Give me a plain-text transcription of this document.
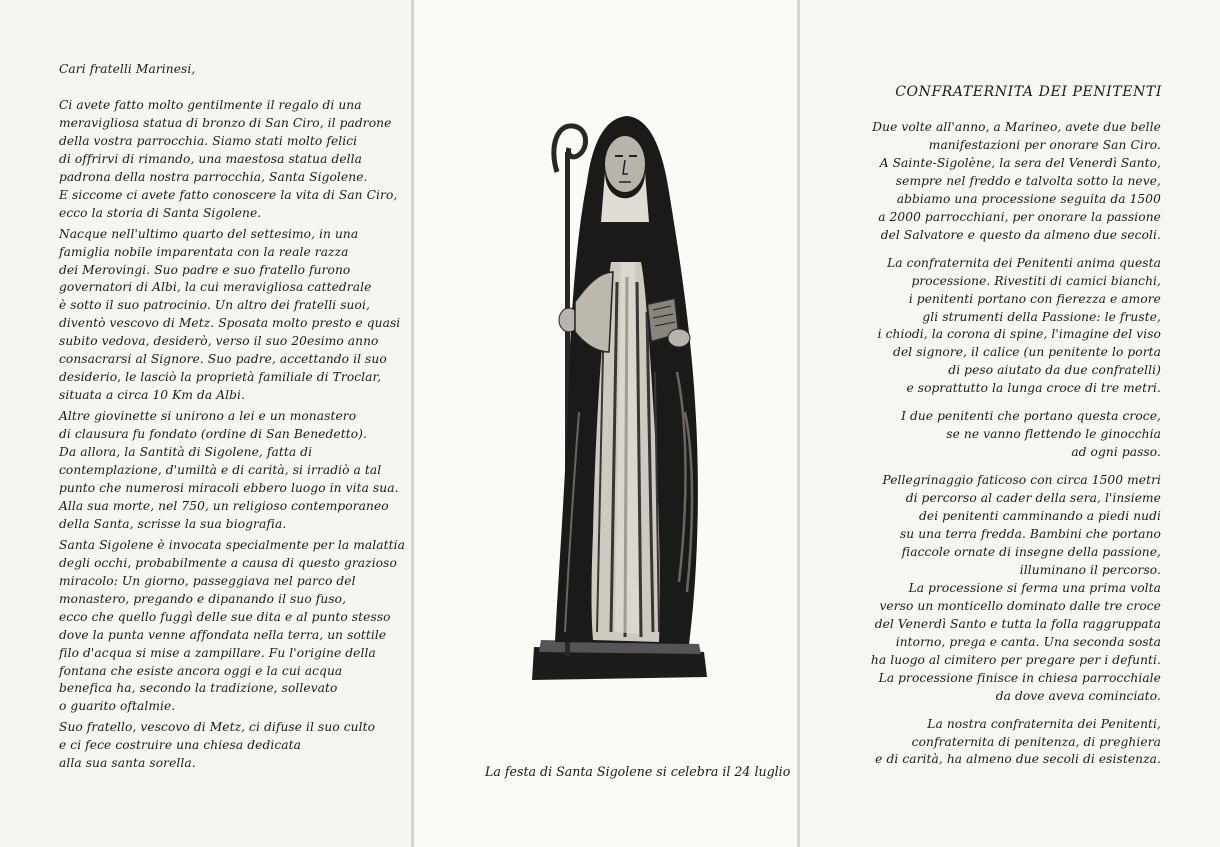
Cari fratelli Marinesi,
Ci avete fatto molto gentilmente il regalo di una
meravigliosa statua di bronzo di San Ciro, il padrone
della vostra parrocchia. Siamo stati molto felici
di offrirvi di rimando, una maestosa statua della
padrona della nostra parrocchia, Santa Sigolene.
E siccome ci avete fatto conoscere la vita di San Ciro,
ecco la storia di Santa Sigolene.
Nacque nell'ultimo quarto del settesimo, in una
famiglia nobile imparentata con la reale razza
dei Merovingi. Suo padre e suo fratello furono
governatori di Albi, la cui meravigliosa cattedrale
è sotto il suo patrocinio. Un altro dei fratelli suoi,
diventò vescovo di Metz. Sposata molto presto e quasi
subito vedova, desiderò, verso il suo 20esimo anno
consacrarsi al Signore. Suo padre, accettando il suo
desiderio, le lasciò la proprietà familiale di Troclar,
situata a circa 10 Km da Albi.
Altre giovinette si unirono a lei e un monastero
di clausura fu fondato (ordine di San Benedetto).
Da allora, la Santità di Sigolene, fatta di
contemplazione, d'umiltà e di carità, si irradiò a tal
punto che numerosi miracoli ebbero luogo in vita sua.
Alla sua morte, nel 750, un religioso contemporaneo
della Santa, scrisse la sua biografia.
Santa Sigolene è invocata specialmente per la malattia
degli occhi, probabilmente a causa di questo grazioso
miracolo: Un giorno, passeggiava nel parco del
monastero, pregando e dipanando il suo fuso,
ecco che quello fuggì delle sue dita e al punto stesso
dove la punta venne affondata nella terra, un sottile
filo d'acqua si mise a zampillare. Fu l'origine della
fontana che esiste ancora oggi e la cui acqua
benefica ha, secondo la tradizione, sollevato
o guarito oftalmie.
Suo fratello, vescovo di Metz, ci difuse il suo culto
e ci fece costruire una chiesa dedicata
alla sua santa sorella.
La festa di Santa Sigolene si celebra il 24 luglio
CONFRATERNITA DEI PENITENTI
Due volte all'anno, a Marineo, avete due belle
manifestazioni per onorare San Ciro.
A Sainte-Sigolène, la sera del Venerdì Santo,
sempre nel freddo e talvolta sotto la neve,
abbiamo una processione seguita da 1500
a 2000 parrocchiani, per onorare la passione
del Salvatore e questo da almeno due secoli.
La confraternita dei Penitenti anima questa
processione. Rivestiti di camici bianchi,
i penitenti portano con fierezza e amore
gli strumenti della Passione: le fruste,
i chiodi, la corona di spine, l'imagine del viso
del signore, il calice (un penitente lo porta
di peso aiutato da due confratelli)
e soprattutto la lunga croce di tre metri.
I due penitenti che portano questa croce,
se ne vanno flettendo le ginocchia
ad ogni passo.
Pellegrinaggio faticoso con circa 1500 metri
di percorso al cader della sera, l'insieme
dei penitenti camminando a piedi nudi
su una terra fredda. Bambini che portano
fiaccole ornate di insegne della passione,
illuminano il percorso.
La processione si ferma una prima volta
verso un monticello dominato dalle tre croce
del Venerdì Santo e tutta la folla raggruppata
intorno, prega e canta. Una seconda sosta
ha luogo al cimitero per pregare per i defunti.
La processione finisce in chiesa parrocchiale
da dove aveva cominciato.
La nostra confraternita dei Penitenti,
confraternita di penitenza, di preghiera
e di carità, ha almeno due secoli di esistenza.
